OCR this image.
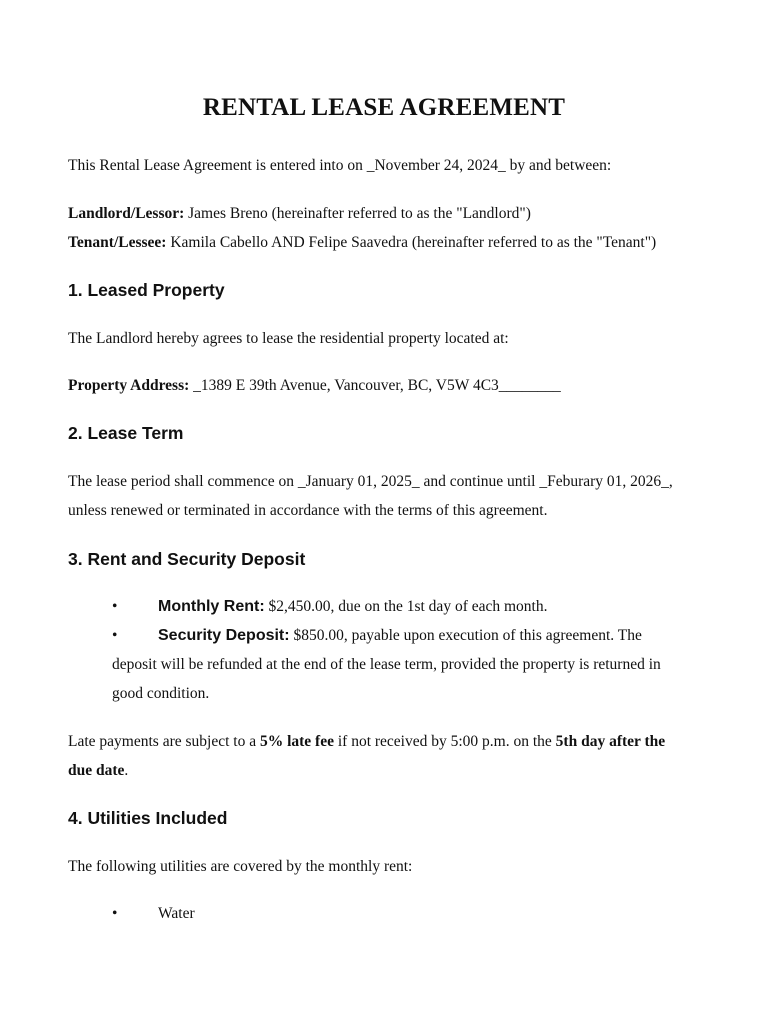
RENTAL LEASE AGREEMENT

This Rental Lease Agreement is entered into on _November 24, 2024_ by and between:

Landlord/Lessor: James Breno (hereinafter referred to as the "Landlord")

Tenant/Lessee: Kamila Cabello AND Felipe Saavedra (hereinafter referred to as the "Tenant")

1. Leased Property

The Landlord hereby agrees to lease the residential property located at:

Property Address: _1389 E 39th Avenue, Vancouver, BC, V5W 4C3________

2. Lease Term

The lease period shall commence on _January 01, 2025_ and continue until _Feburary 01, 2026_,

unless renewed or terminated in accordance with the terms of this agreement.

3. Rent and Security Deposit
•	Monthly Rent: $2,450.00, due on the 1st day of each month.
•	Security Deposit: $850.00, payable upon execution of this agreement. The

deposit will be refunded at the end of the lease term, provided the property is returned in

good condition.

Late payments are subject to a 5% late fee if not received by 5:00 p.m. on the 5th day after the

due date.

4. Utilities Included

The following utilities are covered by the monthly rent:

•	Water
